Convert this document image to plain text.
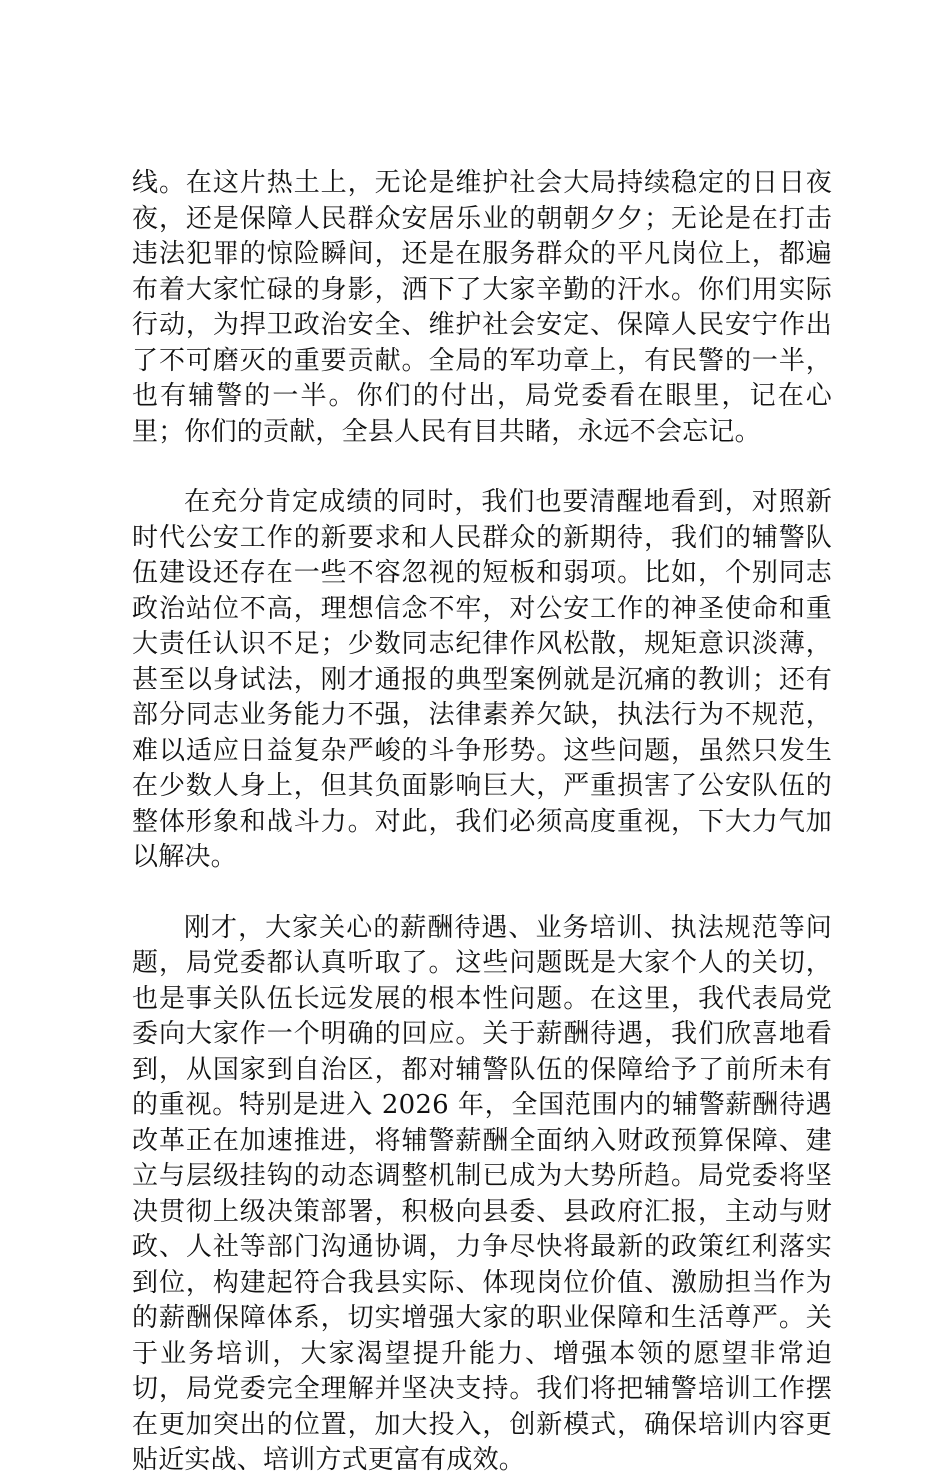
线。在这片热土上，无论是维护社会大局持续稳定的日日夜夜，还是保障人民群众安居乐业的朝朝夕夕；无论是在打击违法犯罪的惊险瞬间，还是在服务群众的平凡岗位上，都遍布着大家忙碌的身影，洒下了大家辛勤的汗水。你们用实际行动，为捍卫政治安全、维护社会安定、保障人民安宁作出了不可磨灭的重要贡献。全局的军功章上，有民警的一半，也有辅警的一半。你们的付出，局党委看在眼里，记在心里；你们的贡献，全县人民有目共睹，永远不会忘记。

在充分肯定成绩的同时，我们也要清醒地看到，对照新时代公安工作的新要求和人民群众的新期待，我们的辅警队伍建设还存在一些不容忽视的短板和弱项。比如，个别同志政治站位不高，理想信念不牢，对公安工作的神圣使命和重大责任认识不足；少数同志纪律作风松散，规矩意识淡薄，甚至以身试法，刚才通报的典型案例就是沉痛的教训；还有部分同志业务能力不强，法律素养欠缺，执法行为不规范，难以适应日益复杂严峻的斗争形势。这些问题，虽然只发生在少数人身上，但其负面影响巨大，严重损害了公安队伍的整体形象和战斗力。对此，我们必须高度重视，下大力气加以解决。

刚才，大家关心的薪酬待遇、业务培训、执法规范等问题，局党委都认真听取了。这些问题既是大家个人的关切，也是事关队伍长远发展的根本性问题。在这里，我代表局党委向大家作一个明确的回应。关于薪酬待遇，我们欣喜地看到，从国家到自治区，都对辅警队伍的保障给予了前所未有的重视。特别是进入 2026 年，全国范围内的辅警薪酬待遇改革正在加速推进，将辅警薪酬全面纳入财政预算保障、建立与层级挂钩的动态调整机制已成为大势所趋。局党委将坚决贯彻上级决策部署，积极向县委、县政府汇报，主动与财政、人社等部门沟通协调，力争尽快将最新的政策红利落实到位，构建起符合我县实际、体现岗位价值、激励担当作为的薪酬保障体系，切实增强大家的职业保障和生活尊严。关于业务培训，大家渴望提升能力、增强本领的愿望非常迫切，局党委完全理解并坚决支持。我们将把辅警培训工作摆在更加突出的位置，加大投入，创新模式，确保培训内容更贴近实战、培训方式更富有成效。
